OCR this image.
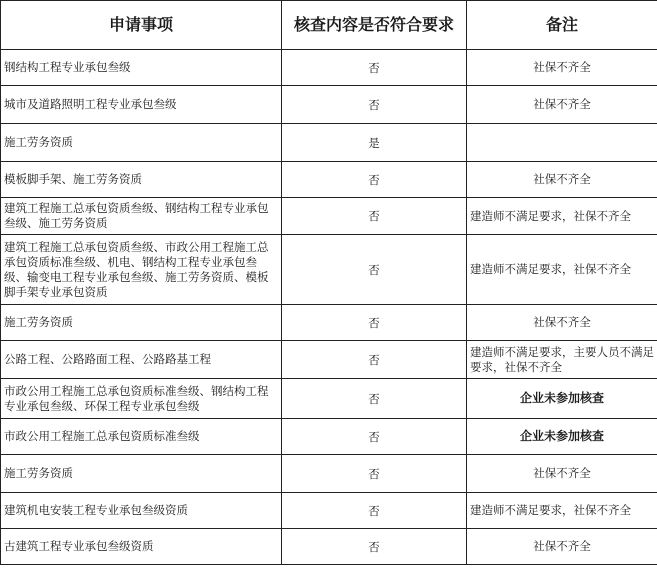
申请事项	核查内容是否符合要求	备注
钢结构工程专业承包叁级	否	社保不齐全
城市及道路照明工程专业承包叁级	否	社保不齐全
施工劳务资质	是	
模板脚手架、施工劳务资质	否	社保不齐全
建筑工程施工总承包资质叁级、钢结构工程专业承包叁级、施工劳务资质	否	建造师不满足要求，社保不齐全
建筑工程施工总承包资质叁级、市政公用工程施工总承包资质标准叁级、机电、钢结构工程专业承包叁级、输变电工程专业承包叁级、施工劳务资质、模板脚手架专业承包资质	否	建造师不满足要求，社保不齐全
施工劳务资质	否	社保不齐全
公路工程、公路路面工程、公路路基工程	否	建造师不满足要求，主要人员不满足要求，社保不齐全
市政公用工程施工总承包资质标准叁级、钢结构工程专业承包叁级、环保工程专业承包叁级	否	企业未参加核查
市政公用工程施工总承包资质标准叁级	否	企业未参加核查
施工劳务资质	否	社保不齐全
建筑机电安装工程专业承包叁级资质	否	建造师不满足要求，社保不齐全
古建筑工程专业承包叁级资质	否	社保不齐全
